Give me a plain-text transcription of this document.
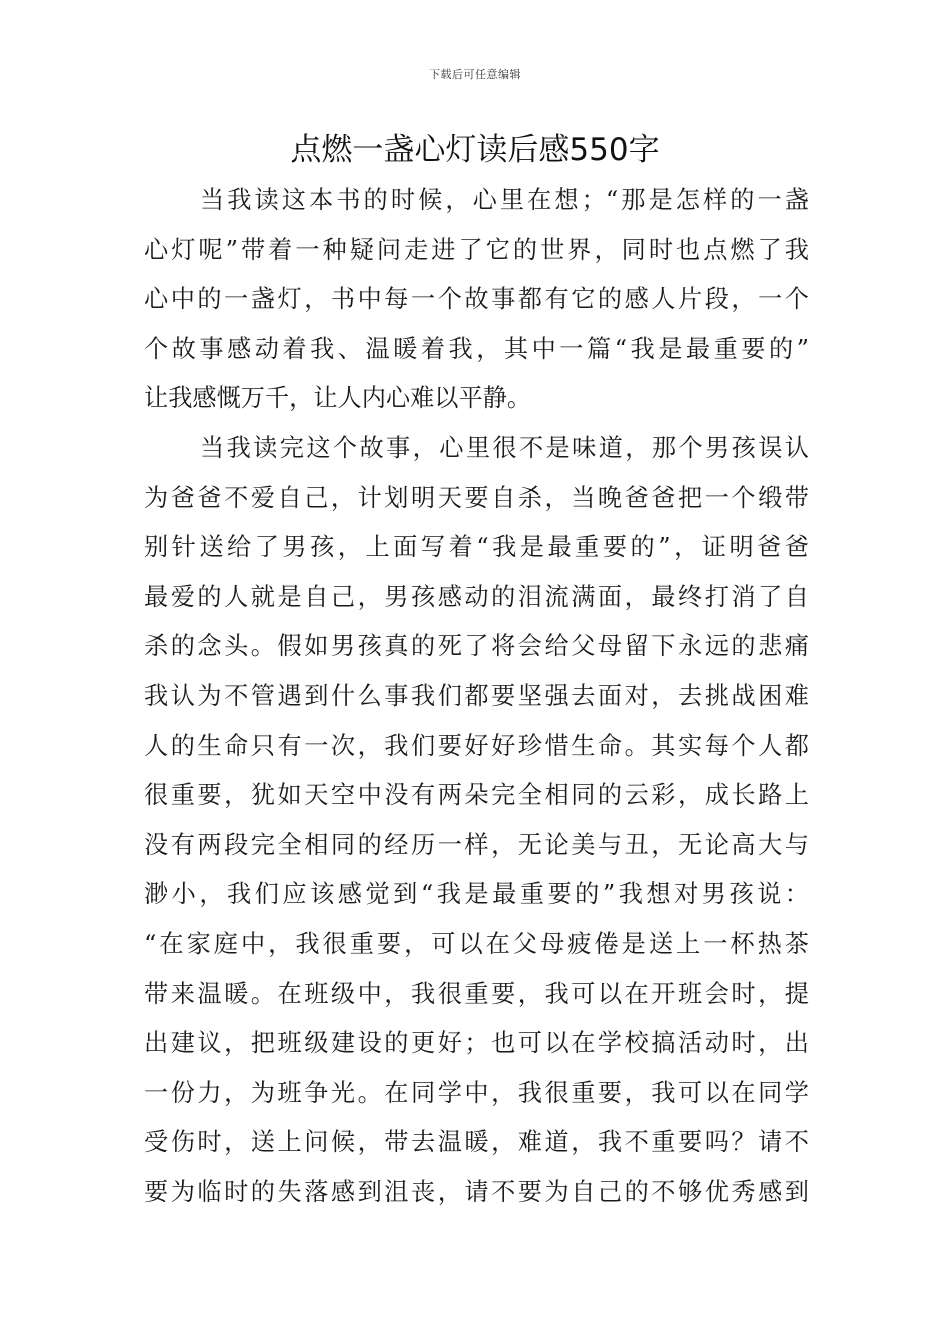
下载后可任意编辑
点燃一盏心灯读后感550字
当我读这本书的时候，心里在想；“那是怎样的一盏
心灯呢”带着一种疑问走进了它的世界，同时也点燃了我
心中的一盏灯，书中每一个故事都有它的感人片段，一个
个故事感动着我、温暖着我，其中一篇“我是最重要的”
让我感慨万千，让人内心难以平静。
当我读完这个故事，心里很不是味道，那个男孩误认
为爸爸不爱自己，计划明天要自杀，当晚爸爸把一个缎带
别针送给了男孩，上面写着“我是最重要的”，证明爸爸
最爱的人就是自己，男孩感动的泪流满面，最终打消了自
杀的念头。假如男孩真的死了将会给父母留下永远的悲痛
我认为不管遇到什么事我们都要坚强去面对，去挑战困难
人的生命只有一次，我们要好好珍惜生命。其实每个人都
很重要，犹如天空中没有两朵完全相同的云彩，成长路上
没有两段完全相同的经历一样，无论美与丑，无论高大与
渺小，我们应该感觉到“我是最重要的”我想对男孩说：
“在家庭中，我很重要，可以在父母疲倦是送上一杯热茶
带来温暖。在班级中，我很重要，我可以在开班会时，提
出建议，把班级建设的更好；也可以在学校搞活动时，出
一份力，为班争光。在同学中，我很重要，我可以在同学
受伤时，送上问候，带去温暖，难道，我不重要吗？请不
要为临时的失落感到沮丧，请不要为自己的不够优秀感到
